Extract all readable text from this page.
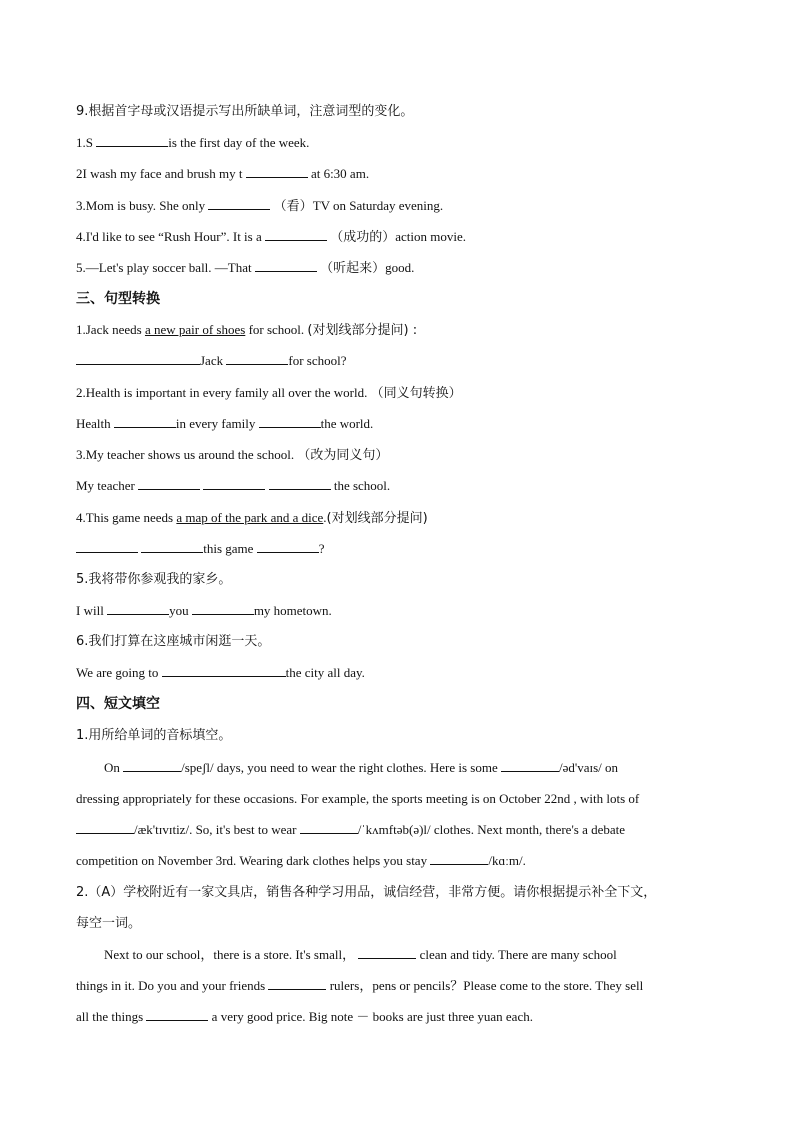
9.根据首字母或汉语提示写出所缺单词，注意词型的变化。
1.S	is the first day of the week.
2I wash my face and brush my t	at 6:30 am.
3.Mom is busy. She only	（看）TV on Saturday evening.
4.I'd like to see “Rush Hour”. It is a	（成功的）action movie.
5.—Let's play soccer ball. —That	（听起来）good.
三、句型转换
1.Jack needs a new pair of shoes for school. (对划线部分提问) :
Jack	for school?
2.Health is important in every family all over the world. （同义句转换）
Health	in every family	the world.
3.My teacher shows us around the school. （改为同义句）
My teacher	the school.
4.This game needs a map of the park and a dice.(对划线部分提问)
this game	?
5.我将带你参观我的家乡。
I will	you	my hometown.
6.我们打算在这座城市闲逛一天。
We are going to	the city all day.
四、短文填空
1.用所给单词的音标填空。
On	/speʃl/ days, you need to wear the right clothes. Here is some	/əd'vaɪs/ on
dressing appropriately for these occasions. For example, the sports meeting is on October 22nd , with lots of
/æk'tɪvɪtiz/. So, it's best to wear	/ˈkʌmftəb(ə)l/ clothes. Next month, there's a debate
competition on November 3rd. Wearing dark clothes helps you stay	/kɑːm/.
2.（A）学校附近有一家文具店，销售各种学习用品，诚信经营，非常方便。请你根据提示补全下文，
每空一词。
Next to our school，there is a store. It's small，	clean and tidy. There are many school
things in it. Do you and your friends	rulers，pens or pencils？Please come to the store. They sell
all the things	a very good price. Big note － books are just three yuan each.
